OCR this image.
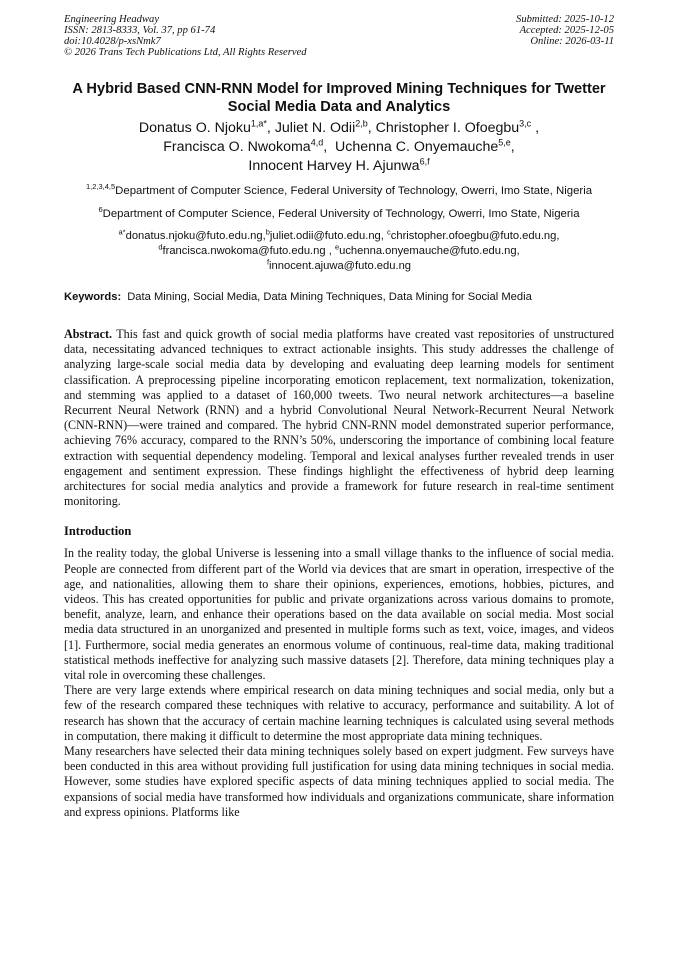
Engineering Headway
ISSN: 2813-8333, Vol. 37, pp 61-74
doi:10.4028/p-xsNmk7
© 2026 Trans Tech Publications Ltd, All Rights Reserved
Submitted: 2025-10-12
Accepted: 2025-12-05
Online: 2026-03-11
A Hybrid Based CNN-RNN Model for Improved Mining Techniques for Twetter Social Media Data and Analytics
Donatus O. Njoku$^{1,a*}$, Juliet N. Odii$^{2,b}$, Christopher I. Ofoegbu$^{3,c}$ ,
Francisca O. Nwokoma$^{4,d}$,  Uchenna C. Onyemauche$^{5,e}$,
Innocent Harvey H. Ajunwa$^{6,f}$
$^{1,2,3,4,5}$Department of Computer Science, Federal University of Technology, Owerri, Imo State, Nigeria
$^6$Department of Computer Science, Federal University of Technology, Owerri, Imo State, Nigeria
$^{a*}$donatus.njoku@futo.edu.ng,$^b$juliet.odii@futo.edu.ng, $^c$christopher.ofoegbu@futo.edu.ng,
$^d$francisca.nwokoma@futo.edu.ng , $^e$uchenna.onyemauche@futo.edu.ng,
$^f$innocent.ajuwa@futo.edu.ng
Keywords: Data Mining, Social Media, Data Mining Techniques, Data Mining for Social Media

Abstract. This fast and quick growth of social media platforms have created vast repositories of unstructured data, necessitating advanced techniques to extract actionable insights. This study addresses the challenge of analyzing large-scale social media data by developing and evaluating deep learning models for sentiment classification. A preprocessing pipeline incorporating emoticon replacement, text normalization, tokenization, and stemming was applied to a dataset of 160,000 tweets. Two neural network architectures—a baseline Recurrent Neural Network (RNN) and a hybrid Convolutional Neural Network-Recurrent Neural Network (CNN-RNN)—were trained and compared. The hybrid CNN-RNN model demonstrated superior performance, achieving 76% accuracy, compared to the RNN’s 50%, underscoring the importance of combining local feature extraction with sequential dependency modeling. Temporal and lexical analyses further revealed trends in user engagement and sentiment expression. These findings highlight the effectiveness of hybrid deep learning architectures for social media analytics and provide a framework for future research in real-time sentiment monitoring.

Introduction

In the reality today, the global Universe is lessening into a small village thanks to the influence of social media. People are connected from different part of the World via devices that are smart in operation, irrespective of the age, and nationalities, allowing them to share their opinions, experiences, emotions, hobbies, pictures, and videos. This has created opportunities for public and private organizations across various domains to promote, benefit, analyze, learn, and enhance their operations based on the data available on social media. Most social media data structured in an unorganized and presented in multiple forms such as text, voice, images, and videos [1]. Furthermore, social media generates an enormous volume of continuous, real-time data, making traditional statistical methods ineffective for analyzing such massive datasets [2]. Therefore, data mining techniques play a vital role in overcoming these challenges.

There are very large extends where empirical research on data mining techniques and social media, only but a few of the research compared these techniques with relative to accuracy, performance and suitability. A lot of research has shown that the accuracy of certain machine learning techniques is calculated using several methods in computation, there making it difficult to determine the most appropriate data mining techniques.

Many researchers have selected their data mining techniques solely based on expert judgment. Few surveys have been conducted in this area without providing full justification for using data mining techniques in social media. However, some studies have explored specific aspects of data mining techniques applied to social media. The expansions of social media have transformed how individuals and organizations communicate, share information and express opinions. Platforms like
